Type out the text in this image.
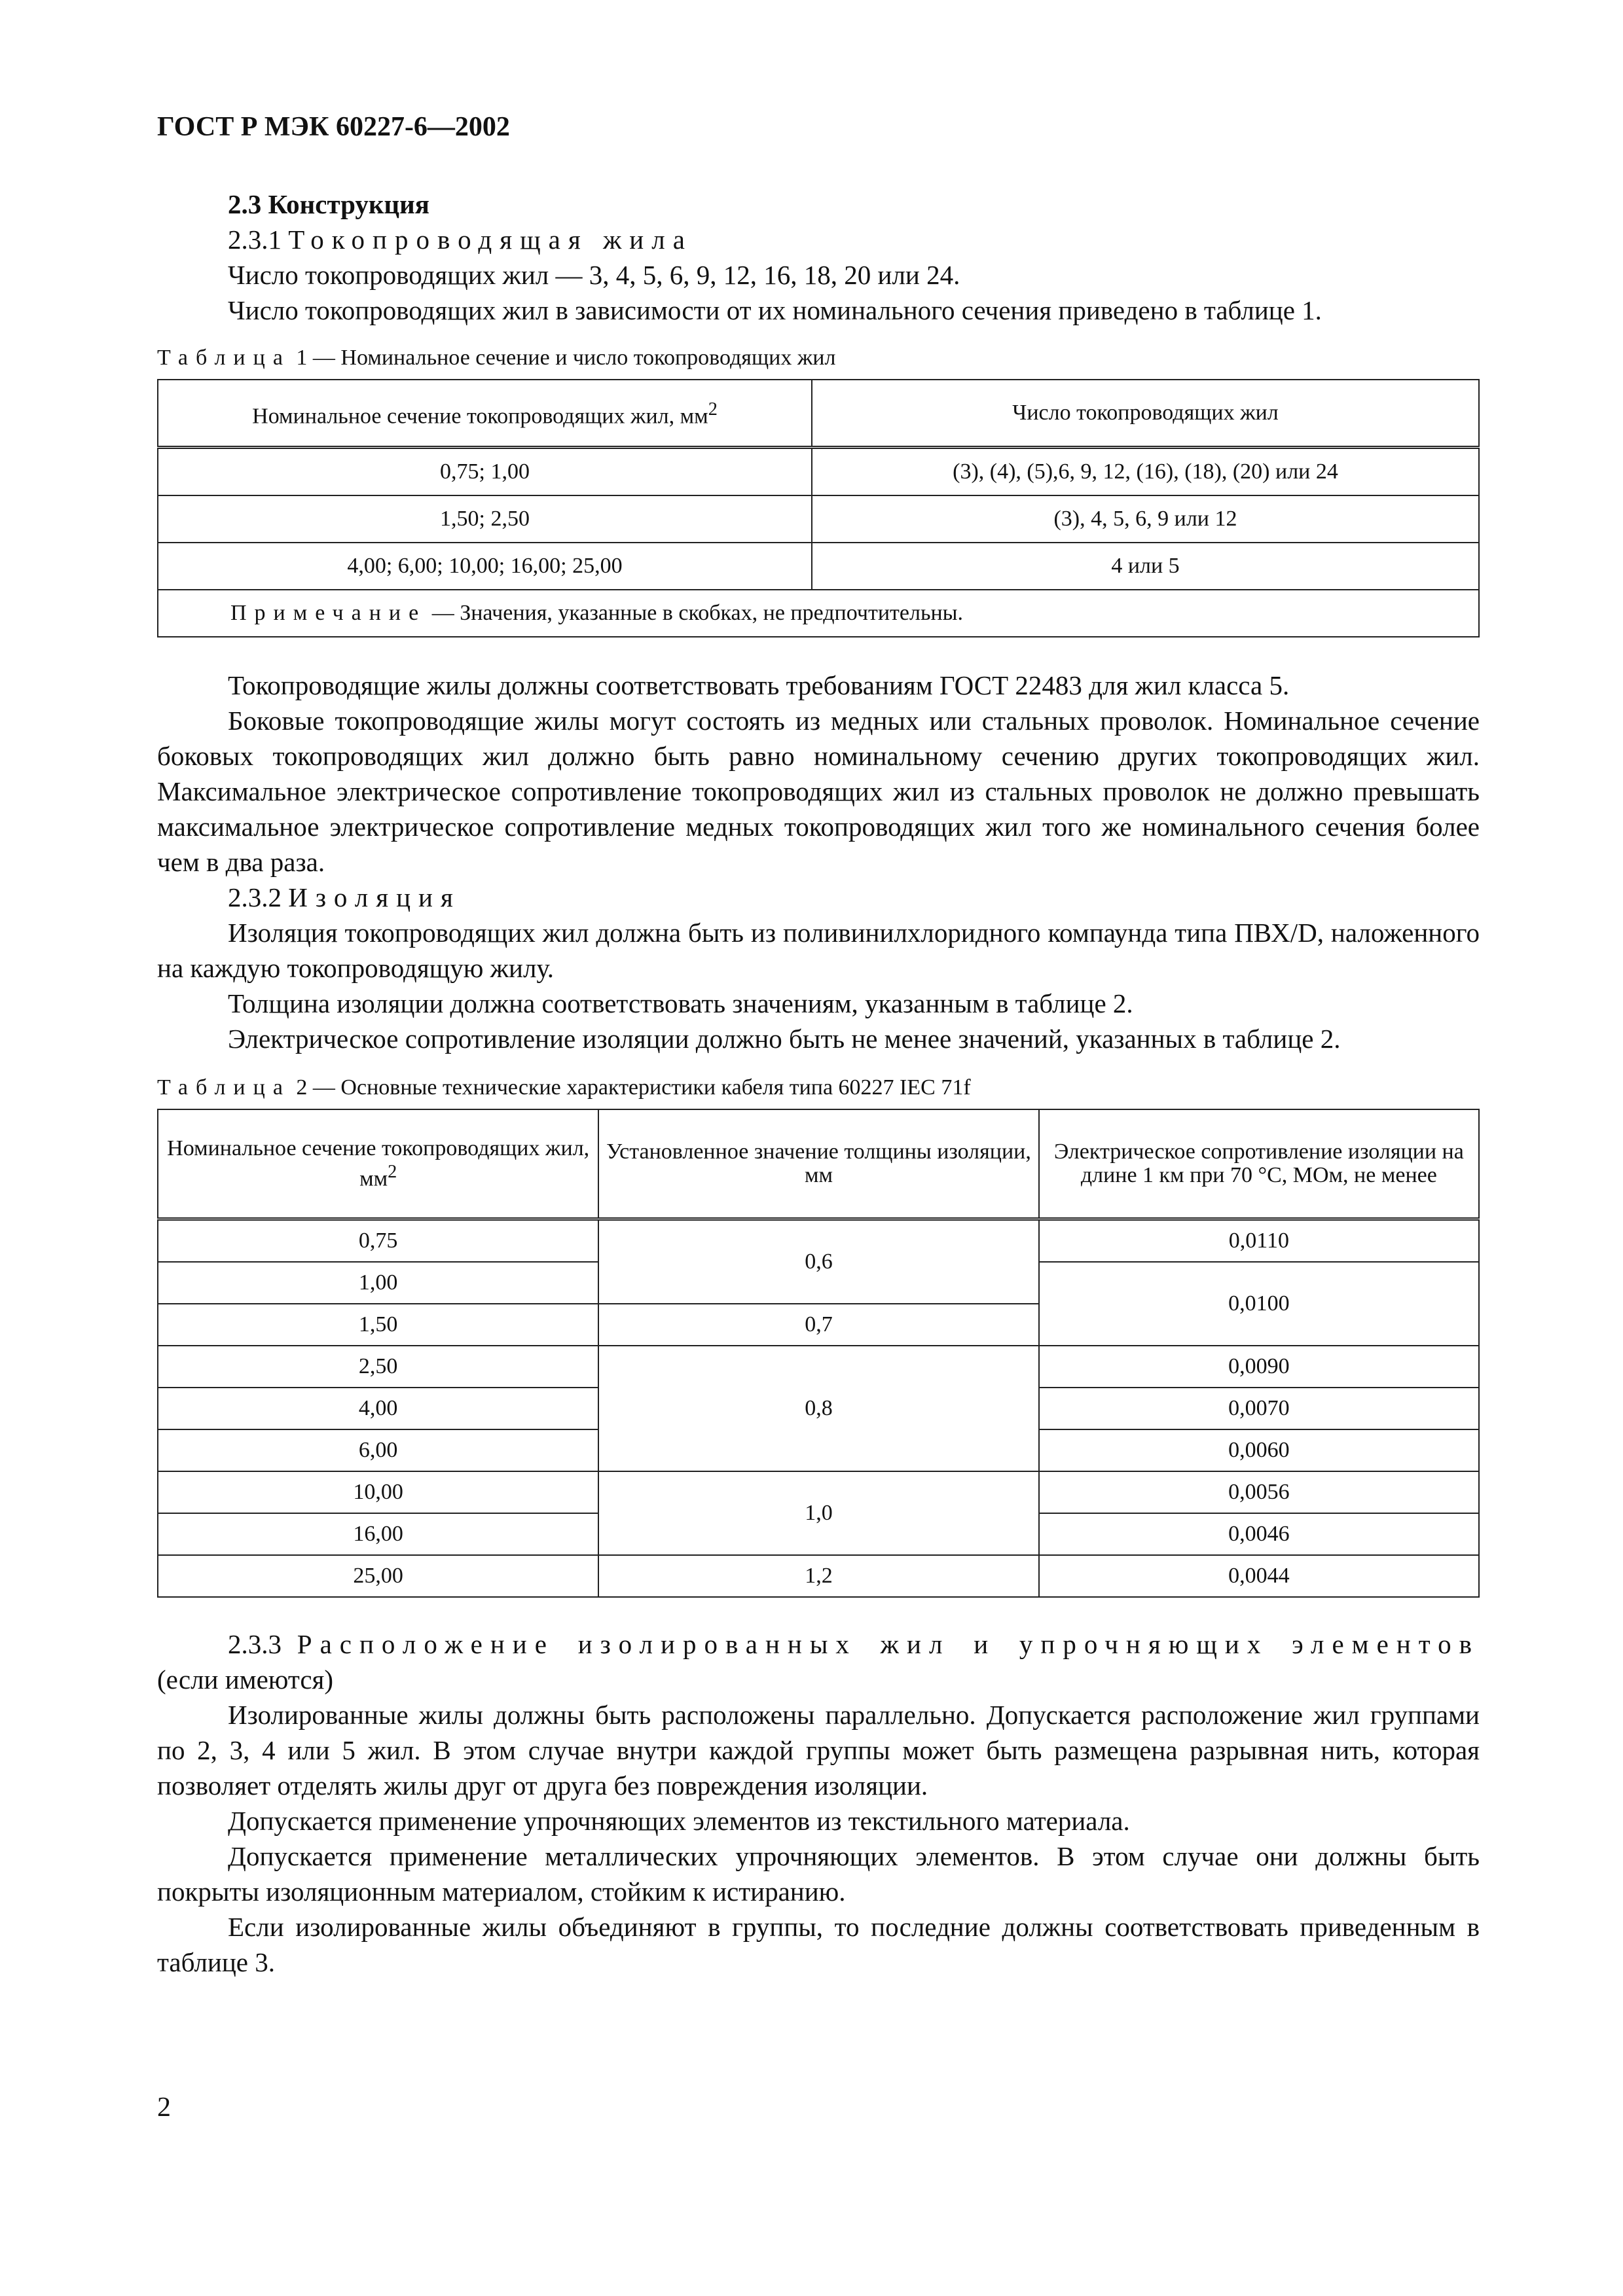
ГОСТ Р МЭК 60227-6—2002

2.3 Конструкция

2.3.1 Токопроводящая жила

Число токопроводящих жил — 3, 4, 5, 6, 9, 12, 16, 18, 20 или 24.

Число токопроводящих жил в зависимости от их номинального сечения приведено в таблице 1.

Таблица 1 — Номинальное сечение и число токопроводящих жил

Номинальное сечение токопроводящих жил, $мм^2$	Число токопроводящих жил
0,75; 1,00	(3), (4), (5),6, 9, 12, (16), (18), (20) или 24
1,50; 2,50	(3), 4, 5, 6, 9 или 12
4,00; 6,00; 10,00; 16,00; 25,00	4 или 5
Примечание — Значения, указанные в скобках, не предпочтительны.	

Токопроводящие жилы должны соответствовать требованиям ГОСТ 22483 для жил класса 5.

Боковые токопроводящие жилы могут состоять из медных или стальных проволок. Номинальное сечение боковых токопроводящих жил должно быть равно номинальному сечению других токопроводящих жил. Максимальное электрическое сопротивление токопроводящих жил из стальных проволок не должно превышать максимальное электрическое сопротивление медных токопроводящих жил того же номинального сечения более чем в два раза.

2.3.2 Изоляция

Изоляция токопроводящих жил должна быть из поливинилхлоридного компаунда типа ПВХ/D, наложенного на каждую токопроводящую жилу.

Толщина изоляции должна соответствовать значениям, указанным в таблице 2.

Электрическое сопротивление изоляции должно быть не менее значений, указанных в таблице 2.

Таблица 2 — Основные технические характеристики кабеля типа 60227 IEC 71f

Номинальное сечение токопроводящих жил, $мм^2$	Установленное значение толщины изоляции, мм	Электрическое сопротивление изоляции на длине 1 км при 70 °С, МОм, не менее
0,75	0,6	0,0110
1,00		0,0100
1,50	0,7	
2,50	0,8	0,0090
4,00		0,0070
6,00		0,0060
10,00	1,0	0,0056
16,00		0,0046
25,00	1,2	0,0044

2.3.3 Расположение изолированных жил и упрочняющих элементов (если имеются)

Изолированные жилы должны быть расположены параллельно. Допускается расположение жил группами по 2, 3, 4 или 5 жил. В этом случае внутри каждой группы может быть размещена разрывная нить, которая позволяет отделять жилы друг от друга без повреждения изоляции.

Допускается применение упрочняющих элементов из текстильного материала.

Допускается применение металлических упрочняющих элементов. В этом случае они должны быть покрыты изоляционным материалом, стойким к истиранию.

Если изолированные жилы объединяют в группы, то последние должны соответствовать приведенным в таблице 3.

2
